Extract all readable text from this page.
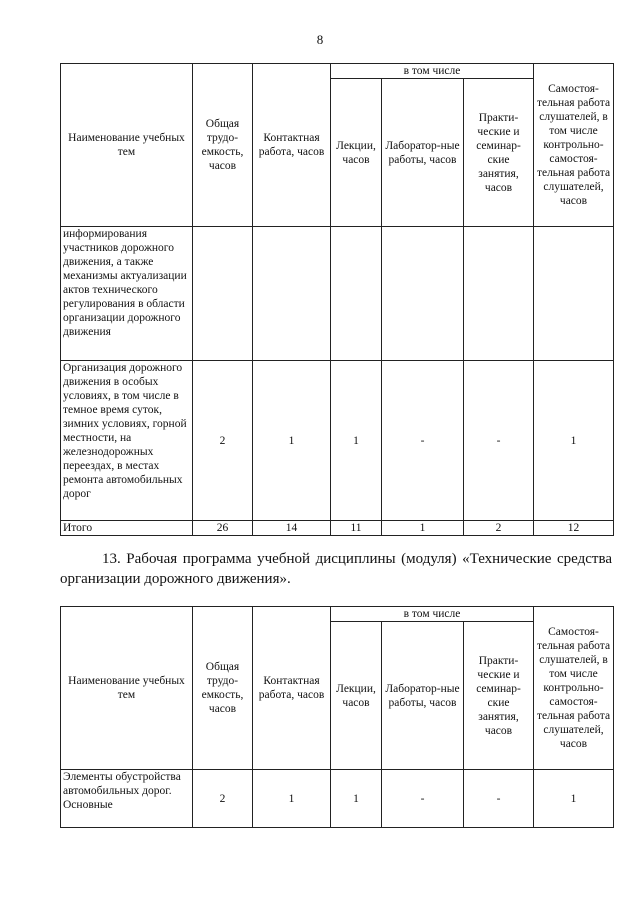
8
Наименование учебных тем	Общая трудо-емкость, часов	Контактная работа, часов	в том числе			Самостоя-тельная работа слушателей, в том числе контрольно-самостоя-тельная работа слушателей, часов
			Лекции, часов	Лаборатор-ные работы, часов	Практи-ческие и семинар-ские занятия, часов	
информирования участников дорожного движения, а также механизмы актуализации актов технического регулирования в области организации дорожного движения						
Организация дорожного движения в особых условиях, в том числе в темное время суток, зимних условиях, горной местности, на железнодорожных переездах, в местах ремонта автомобильных дорог	2	1	1	-	-	1
Итого	26	14	11	1	2	12
13. Рабочая программа учебной дисциплины (модуля) «Технические средства организации дорожного движения».
Наименование учебных тем	Общая трудо-емкость, часов	Контактная работа, часов	в том числе			Самостоя-тельная работа слушателей, в том числе контрольно-самостоя-тельная работа слушателей, часов
			Лекции, часов	Лаборатор-ные работы, часов	Практи-ческие и семинар-ские занятия, часов	
Элементы обустройства автомобильных дорог. Основные	2	1	1	-	-	1
